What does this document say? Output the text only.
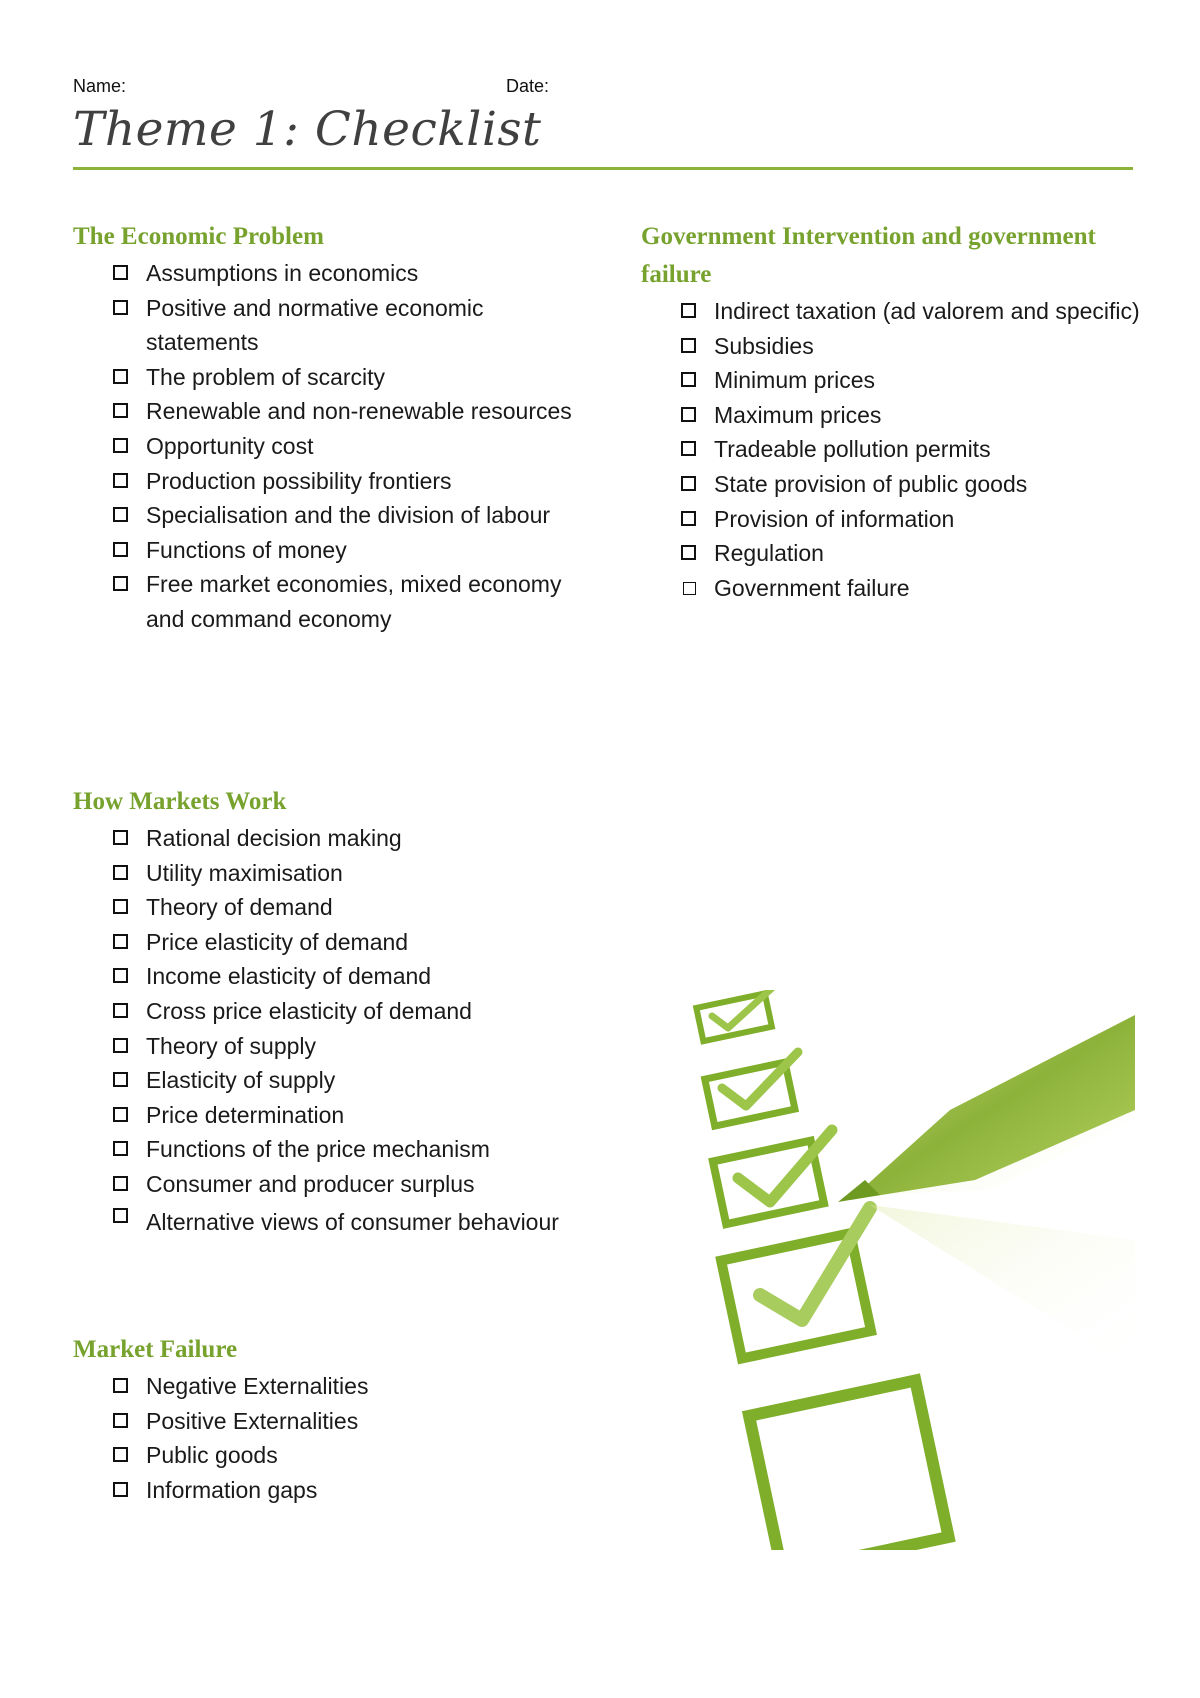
Name:	Date:
Theme 1: Checklist
The Economic Problem
Assumptions in economics
Positive and normative economic statements
The problem of scarcity
Renewable and non-renewable resources
Opportunity cost
Production possibility frontiers
Specialisation and the division of labour
Functions of money
Free market economies, mixed economy and command economy
Government Intervention and government failure
Indirect taxation (ad valorem and specific)
Subsidies
Minimum prices
Maximum prices
Tradeable pollution permits
State provision of public goods
Provision of information
Regulation
Government failure
How Markets Work
Rational decision making
Utility maximisation
Theory of demand
Price elasticity of demand
Income elasticity of demand
Cross price elasticity of demand
Theory of supply
Elasticity of supply
Price determination
Functions of the price mechanism
Consumer and producer surplus
Alternative views of consumer behaviour
Market Failure
Negative Externalities
Positive Externalities
Public goods
Information gaps
